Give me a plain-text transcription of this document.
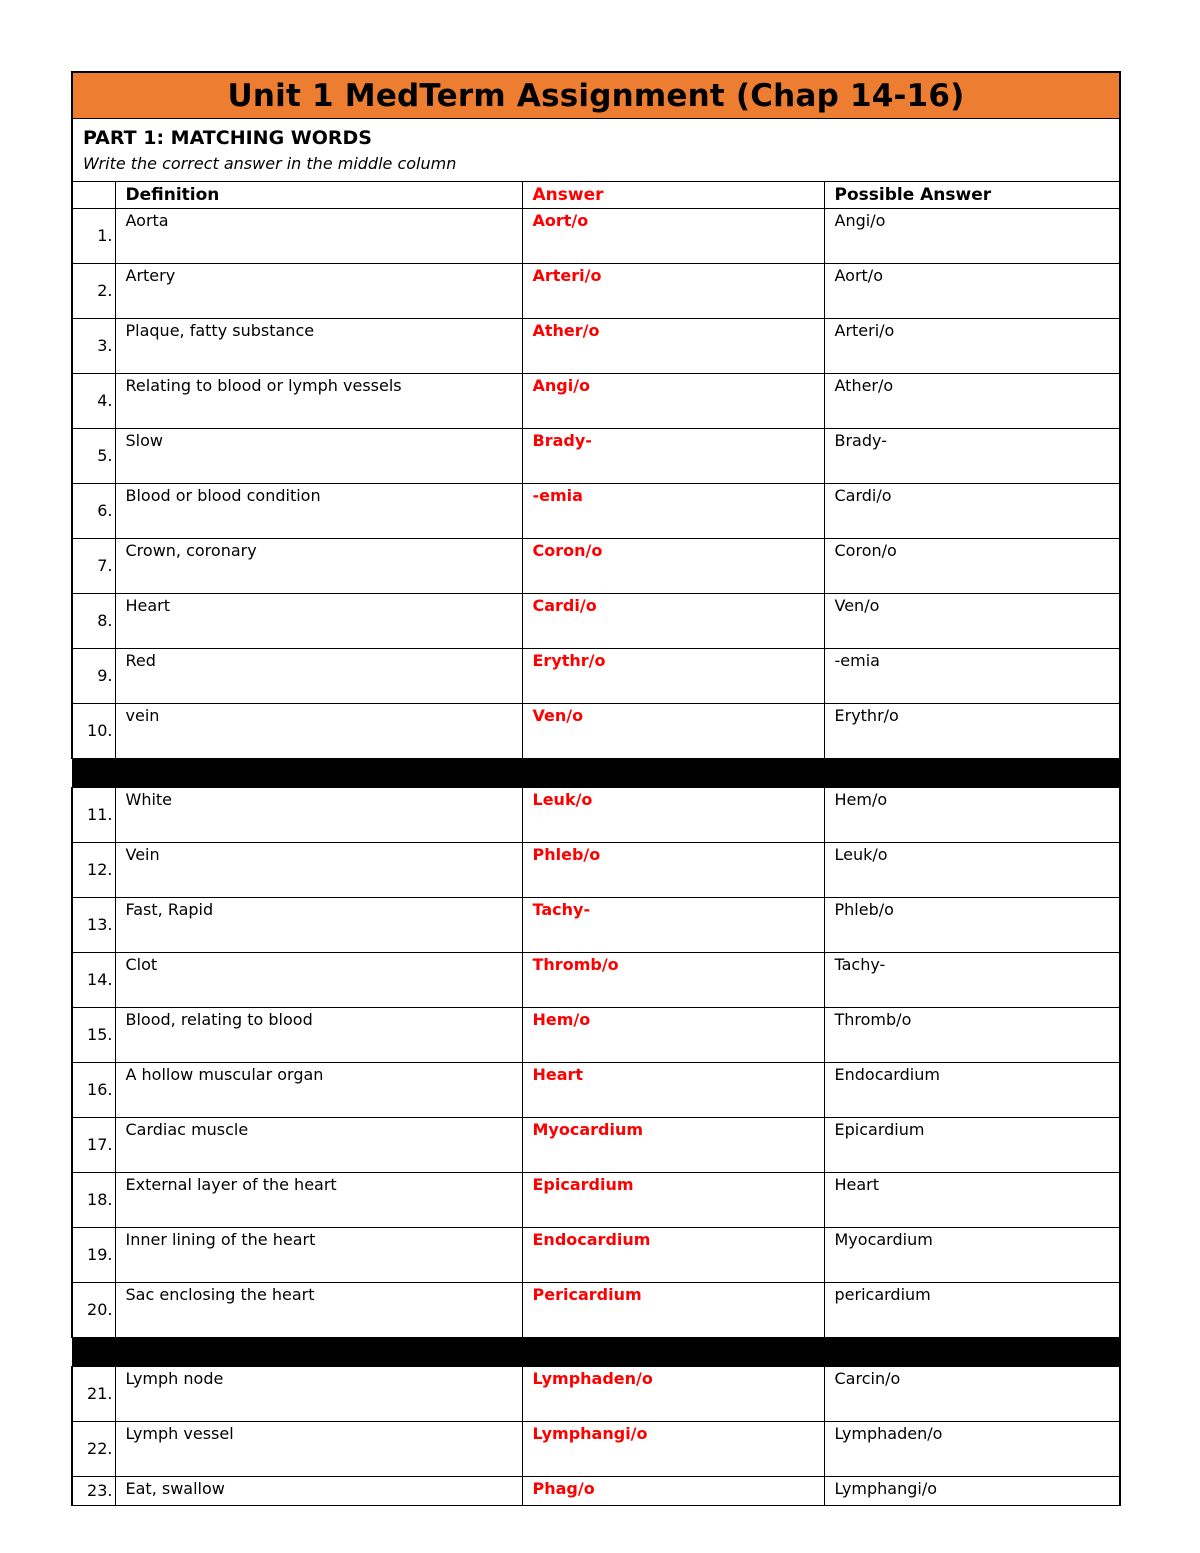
Unit 1 MedTerm Assignment (Chap 14-16)
PART 1: MATCHING WORDS
Write the correct answer in the middle column
	Definition	Answer	Possible Answer
1.	Aorta	Aort/o	Angi/o
2.	Artery	Arteri/o	Aort/o
3.	Plaque, fatty substance	Ather/o	Arteri/o
4.	Relating to blood or lymph vessels	Angi/o	Ather/o
5.	Slow	Brady-	Brady-
6.	Blood or blood condition	-emia	Cardi/o
7.	Crown, coronary	Coron/o	Coron/o
8.	Heart	Cardi/o	Ven/o
9.	Red	Erythr/o	-emia
10.	vein	Ven/o	Erythr/o

11.	White	Leuk/o	Hem/o
12.	Vein	Phleb/o	Leuk/o
13.	Fast, Rapid	Tachy-	Phleb/o
14.	Clot	Thromb/o	Tachy-
15.	Blood, relating to blood	Hem/o	Thromb/o
16.	A hollow muscular organ	Heart	Endocardium
17.	Cardiac muscle	Myocardium	Epicardium
18.	External layer of the heart	Epicardium	Heart
19.	Inner lining of the heart	Endocardium	Myocardium
20.	Sac enclosing the heart	Pericardium	pericardium

21.	Lymph node	Lymphaden/o	Carcin/o
22.	Lymph vessel	Lymphangi/o	Lymphaden/o
23.	Eat, swallow	Phag/o	Lymphangi/o
